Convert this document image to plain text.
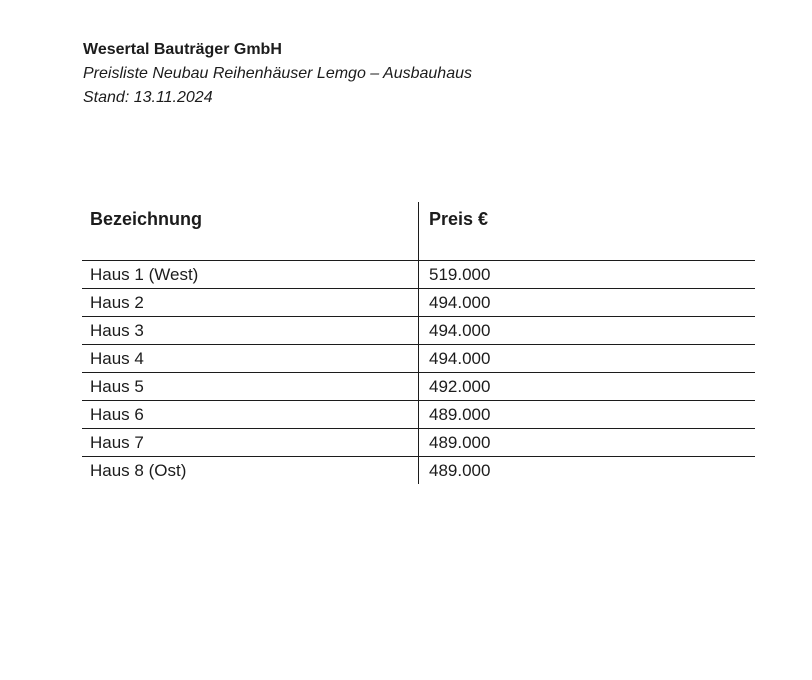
Wesertal Bauträger GmbH
Preisliste Neubau Reihenhäuser Lemgo – Ausbauhaus
Stand: 13.11.2024
Bezeichnung	Preis €
Haus 1 (West)	519.000
Haus 2	494.000
Haus 3	494.000
Haus 4	494.000
Haus 5	492.000
Haus 6	489.000
Haus 7	489.000
Haus 8 (Ost)	489.000
